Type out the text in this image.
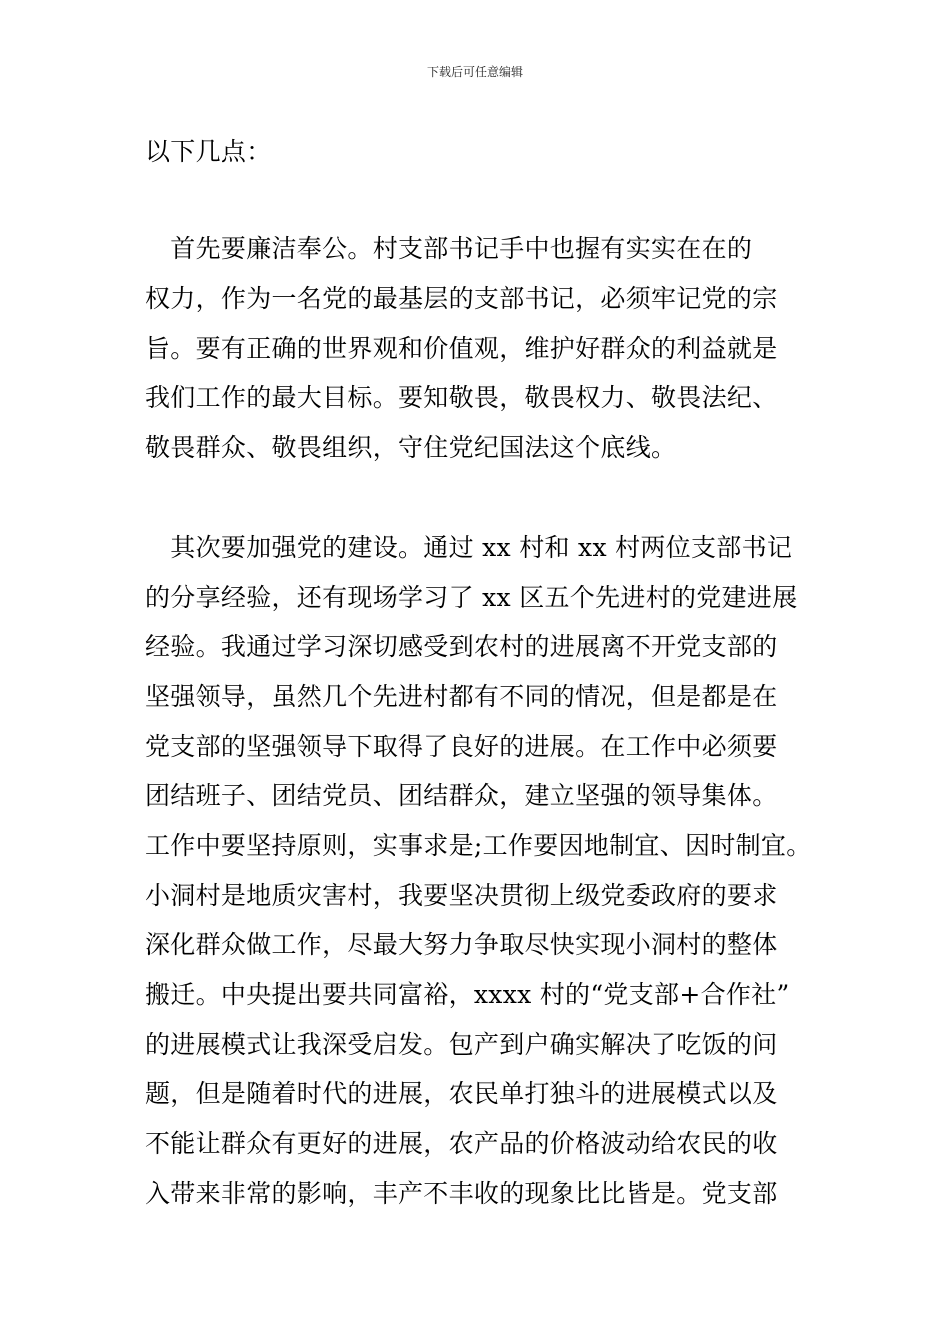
下载后可任意编辑
以下几点：
　首先要廉洁奉公。村支部书记手中也握有实实在在的
权力，作为一名党的最基层的支部书记，必须牢记党的宗
旨。要有正确的世界观和价值观，维护好群众的利益就是
我们工作的最大目标。要知敬畏，敬畏权力、敬畏法纪、
敬畏群众、敬畏组织，守住党纪国法这个底线。
　其次要加强党的建设。通过 xx 村和 xx 村两位支部书记
的分享经验，还有现场学习了 xx 区五个先进村的党建进展
经验。我通过学习深切感受到农村的进展离不开党支部的
坚强领导，虽然几个先进村都有不同的情况，但是都是在
党支部的坚强领导下取得了良好的进展。在工作中必须要
团结班子、团结党员、团结群众，建立坚强的领导集体。
工作中要坚持原则，实事求是;工作要因地制宜、因时制宜。
小洞村是地质灾害村，我要坚决贯彻上级党委政府的要求
深化群众做工作，尽最大努力争取尽快实现小洞村的整体
搬迁。中央提出要共同富裕，xxxx 村的“党支部+合作社”
的进展模式让我深受启发。包产到户确实解决了吃饭的问
题，但是随着时代的进展，农民单打独斗的进展模式以及
不能让群众有更好的进展，农产品的价格波动给农民的收
入带来非常的影响，丰产不丰收的现象比比皆是。党支部
